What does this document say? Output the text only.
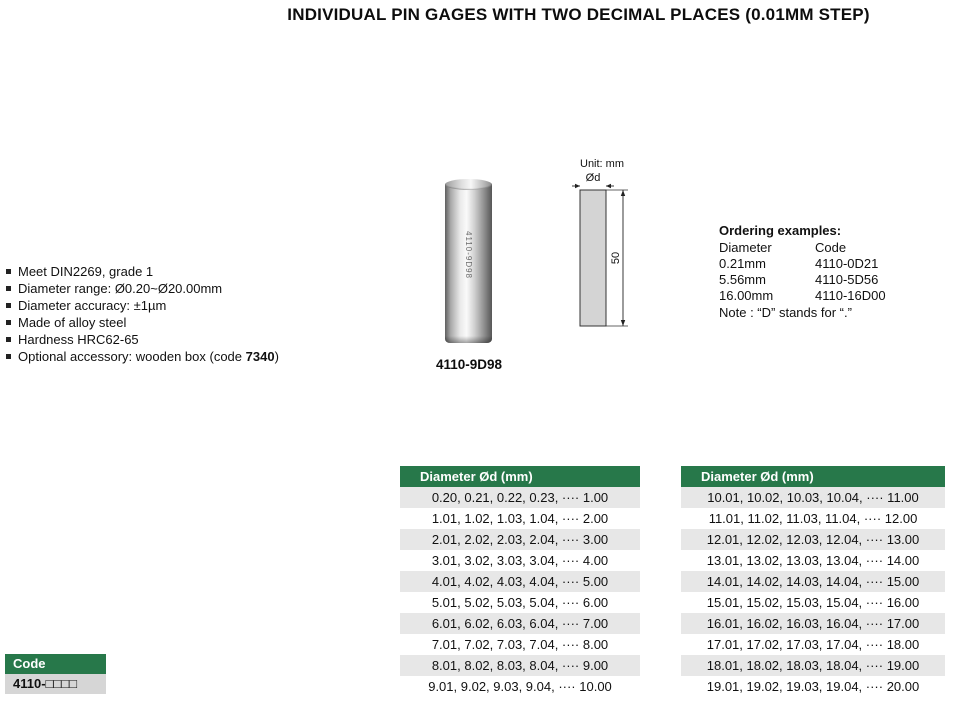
INDIVIDUAL PIN GAGES WITH TWO DECIMAL PLACES (0.01MM STEP)
Meet DIN2269, grade 1
Diameter range: Ø0.20~Ø20.00mm
Diameter accuracy: ±1µm
Made of alloy steel
Hardness HRC62-65
Optional accessory: wooden box (code 7340)
4110-9D98
4110-9D98
Unit: mm
Ød
50
Ordering examples:
Diameter	Code
0.21mm	4110-0D21
5.56mm	4110-5D56
16.00mm	4110-16D00
Note : “D” stands for “.”
Code
4110-□□□□
Diameter Ød (mm)
0.20, 0.21, 0.22, 0.23, ···· 1.00
1.01, 1.02, 1.03, 1.04, ···· 2.00
2.01, 2.02, 2.03, 2.04, ···· 3.00
3.01, 3.02, 3.03, 3.04, ···· 4.00
4.01, 4.02, 4.03, 4.04, ···· 5.00
5.01, 5.02, 5.03, 5.04, ···· 6.00
6.01, 6.02, 6.03, 6.04, ···· 7.00
7.01, 7.02, 7.03, 7.04, ···· 8.00
8.01, 8.02, 8.03, 8.04, ···· 9.00
9.01, 9.02, 9.03, 9.04, ···· 10.00
Diameter Ød (mm)
10.01, 10.02, 10.03, 10.04, ···· 11.00
11.01, 11.02, 11.03, 11.04, ···· 12.00
12.01, 12.02, 12.03, 12.04, ···· 13.00
13.01, 13.02, 13.03, 13.04, ···· 14.00
14.01, 14.02, 14.03, 14.04, ···· 15.00
15.01, 15.02, 15.03, 15.04, ···· 16.00
16.01, 16.02, 16.03, 16.04, ···· 17.00
17.01, 17.02, 17.03, 17.04, ···· 18.00
18.01, 18.02, 18.03, 18.04, ···· 19.00
19.01, 19.02, 19.03, 19.04, ···· 20.00
